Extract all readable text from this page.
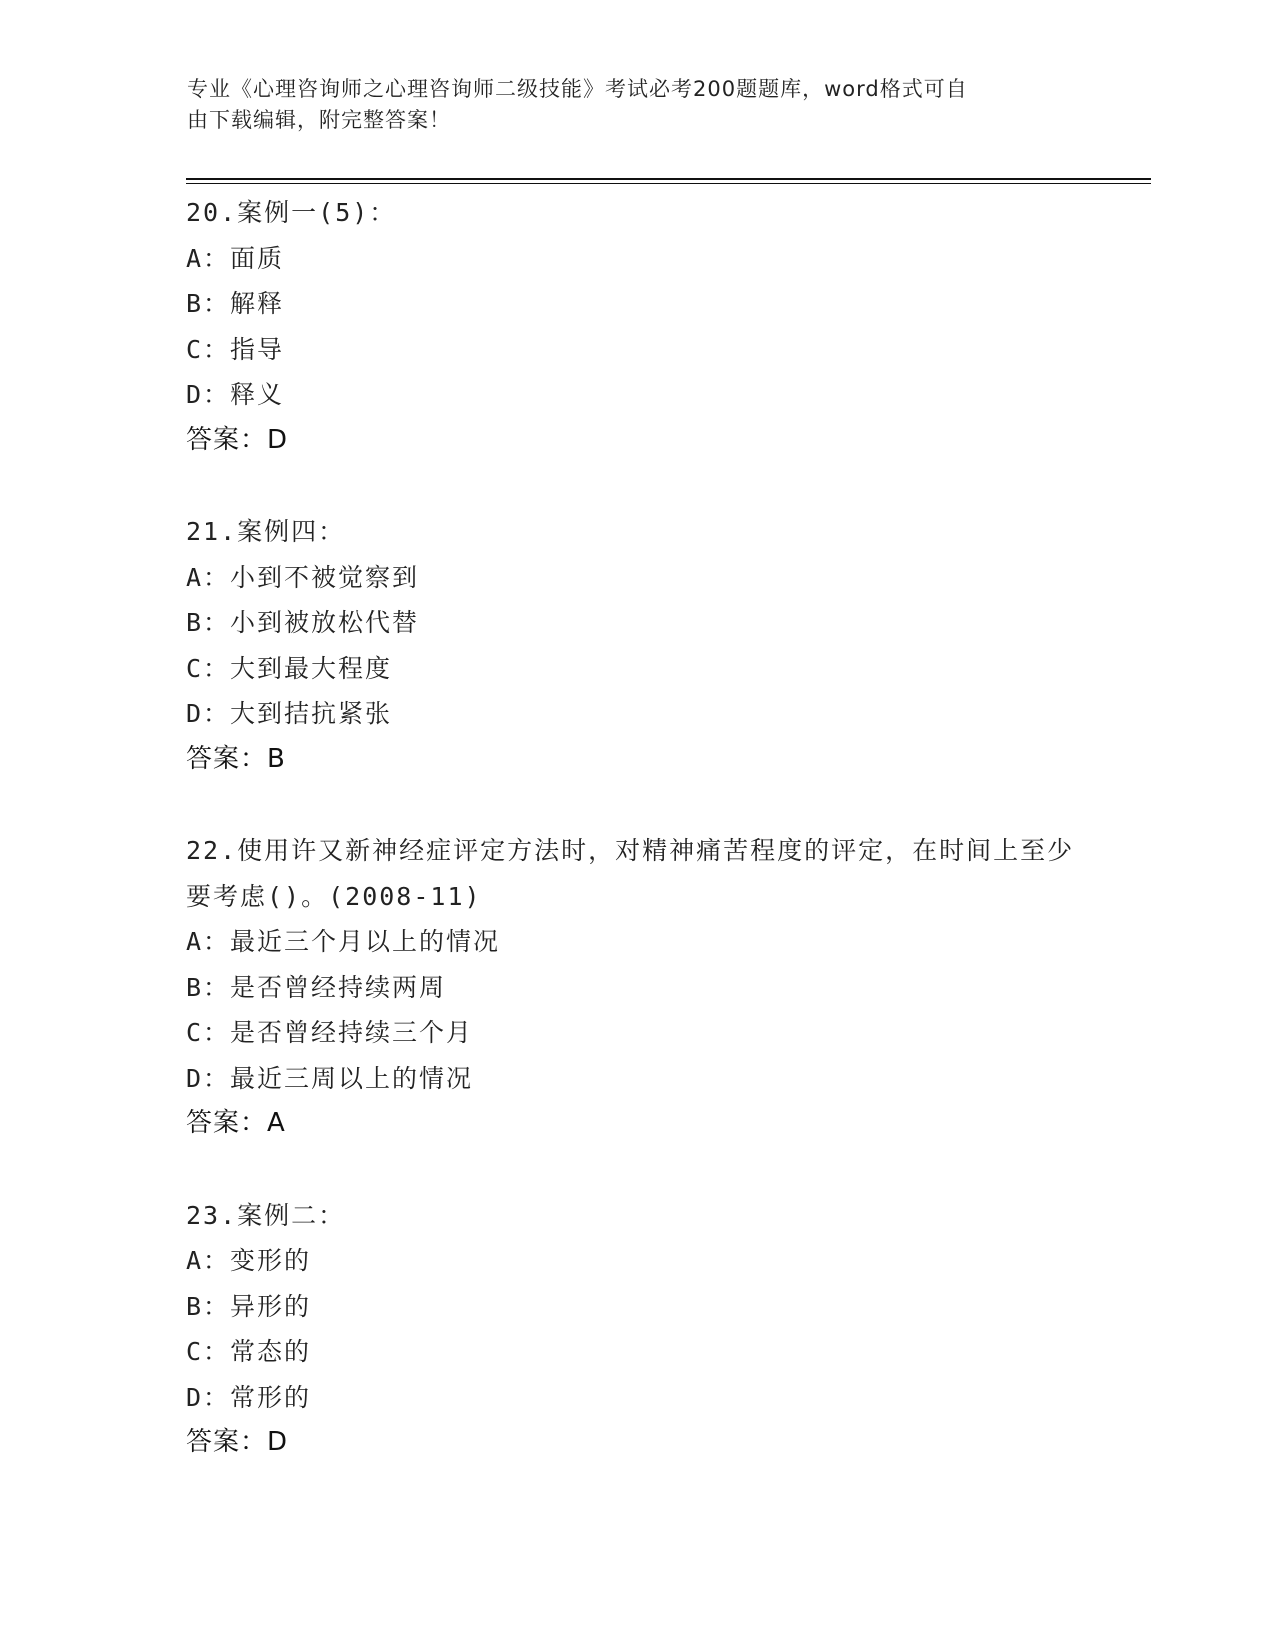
专业《心理咨询师之心理咨询师二级技能》考试必考200题题库，word格式可自
由下载编辑，附完整答案！
20.案例一(5)：
A：面质
B：解释
C：指导
D：释义
答案：D
21.案例四：
A：小到不被觉察到
B：小到被放松代替
C：大到最大程度
D：大到拮抗紧张
答案：B
22.使用许又新神经症评定方法时，对精神痛苦程度的评定，在时间上至少要考虑()。(2008-11)
A：最近三个月以上的情况
B：是否曾经持续两周
C：是否曾经持续三个月
D：最近三周以上的情况
答案：A
23.案例二：
A：变形的
B：异形的
C：常态的
D：常形的
答案：D
